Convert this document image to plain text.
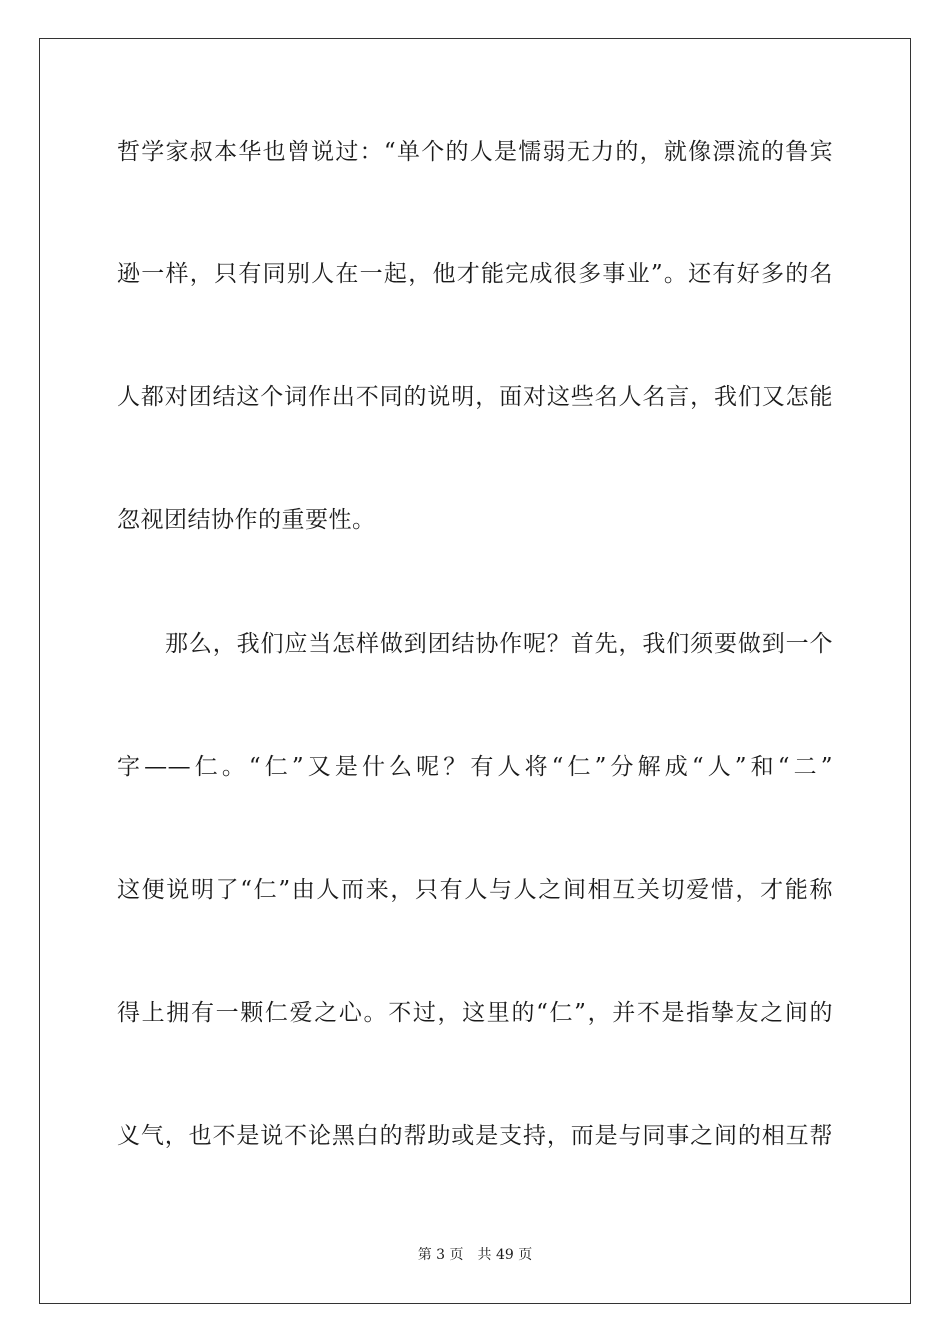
哲学家叔本华也曾说过：“单个的人是懦弱无力的，就像漂流的鲁宾
逊一样，只有同别人在一起，他才能完成很多事业”。还有好多的名
人都对团结这个词作出不同的说明，面对这些名人名言，我们又怎能
忽视团结协作的重要性。
那么，我们应当怎样做到团结协作呢？首先，我们须要做到一个
字——仁。“仁”又是什么呢？有人将“仁”分解成“人”和“二”
这便说明了“仁”由人而来，只有人与人之间相互关切爱惜，才能称
得上拥有一颗仁爱之心。不过，这里的“仁”，并不是指挚友之间的
义气，也不是说不论黑白的帮助或是支持，而是与同事之间的相互帮
第 3 页 共 49 页
